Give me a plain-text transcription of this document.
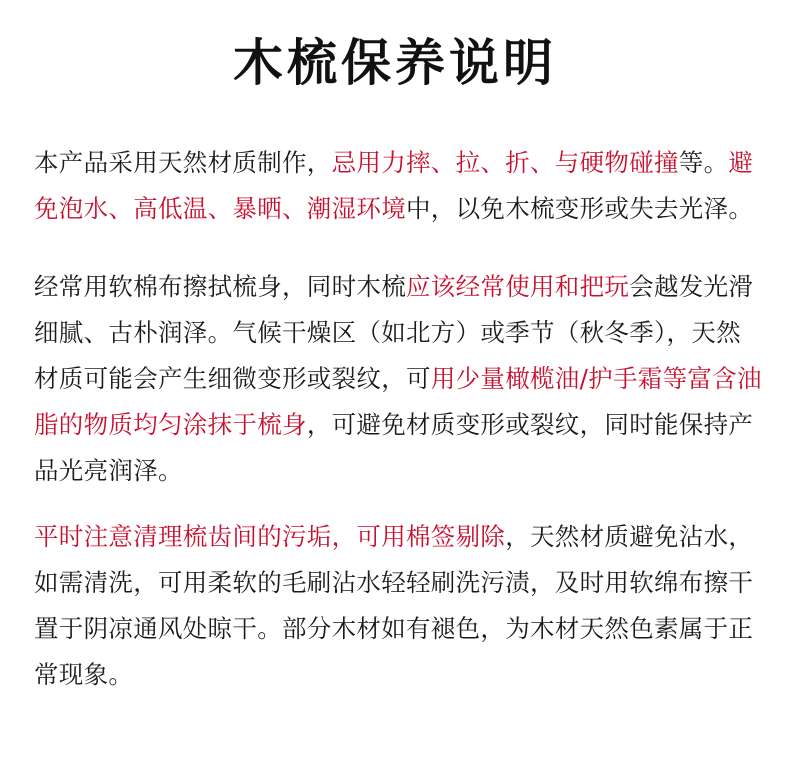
木梳保养说明
本产品采用天然材质制作，忌用力摔、拉、折、与硬物碰撞等。避免泡水、高低温、暴晒、潮湿环境中，以免木梳变形或失去光泽。
经常用软棉布擦拭梳身，同时木梳应该经常使用和把玩会越发光滑细腻、古朴润泽。气候干燥区（如北方）或季节（秋冬季），天然材质可能会产生细微变形或裂纹，可用少量橄榄油/护手霜等富含油脂的物质均匀涂抹于梳身，可避免材质变形或裂纹，同时能保持产品光亮润泽。
平时注意清理梳齿间的污垢，可用棉签剔除，天然材质避免沾水，如需清洗，可用柔软的毛刷沾水轻轻刷洗污渍，及时用软绵布擦干置于阴凉通风处晾干。部分木材如有褪色，为木材天然色素属于正常现象。
